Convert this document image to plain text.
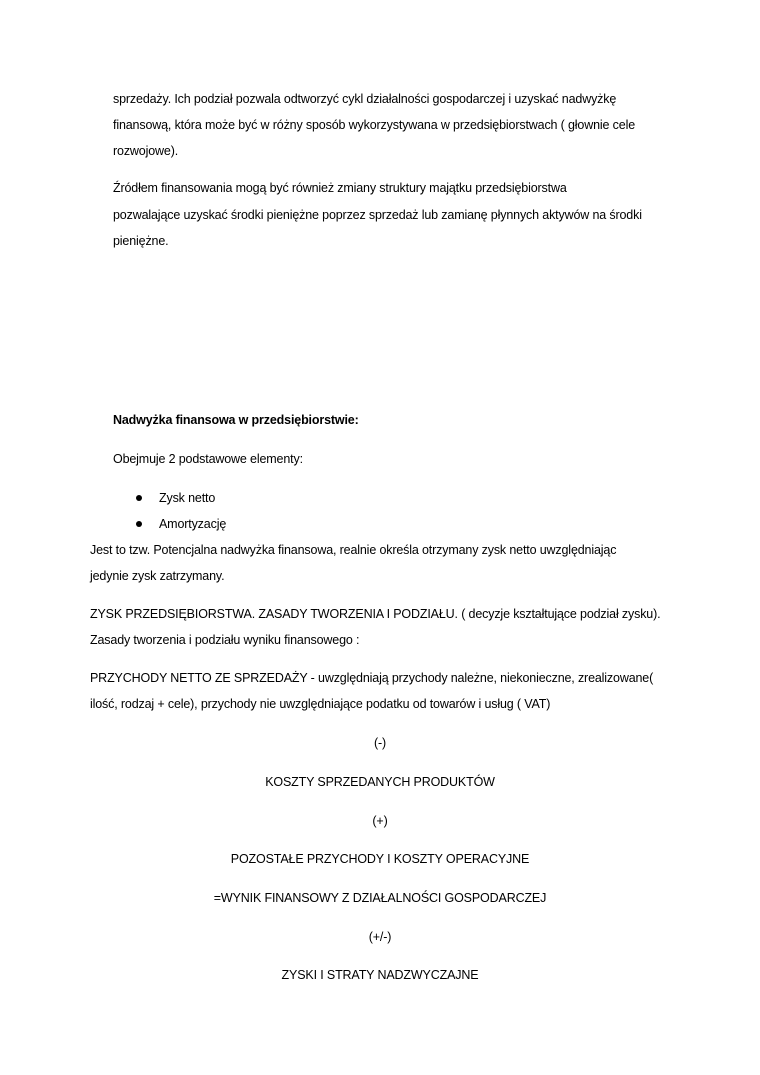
sprzedaży. Ich podział pozwala odtworzyć cykl działalności gospodarczej i uzyskać nadwyżkę
finansową, która może być w różny sposób wykorzystywana w przedsiębiorstwach ( głownie cele
rozwojowe).
Źródłem finansowania mogą być również zmiany struktury majątku przedsiębiorstwa
pozwalające uzyskać środki pieniężne poprzez sprzedaż lub zamianę płynnych aktywów na środki
pieniężne.
Nadwyżka finansowa w przedsiębiorstwie:
Obejmuje 2 podstawowe elementy:
Zysk netto
Amortyzację
Jest to tzw. Potencjalna nadwyżka finansowa, realnie określa otrzymany zysk netto uwzględniając
jedynie zysk zatrzymany.
ZYSK PRZEDSIĘBIORSTWA. ZASADY TWORZENIA I PODZIAŁU. ( decyzje kształtujące podział zysku).
Zasady tworzenia i podziału wyniku finansowego :
PRZYCHODY NETTO ZE SPRZEDAŻY - uwzględniają przychody należne, niekonieczne, zrealizowane(
ilość, rodzaj + cele), przychody nie uwzględniające podatku od towarów i usług ( VAT)
(-)
KOSZTY SPRZEDANYCH PRODUKTÓW
(+)
POZOSTAŁE PRZYCHODY I KOSZTY OPERACYJNE
=WYNIK FINANSOWY Z DZIAŁALNOŚCI GOSPODARCZEJ
(+/-)
ZYSKI I STRATY NADZWYCZAJNE
